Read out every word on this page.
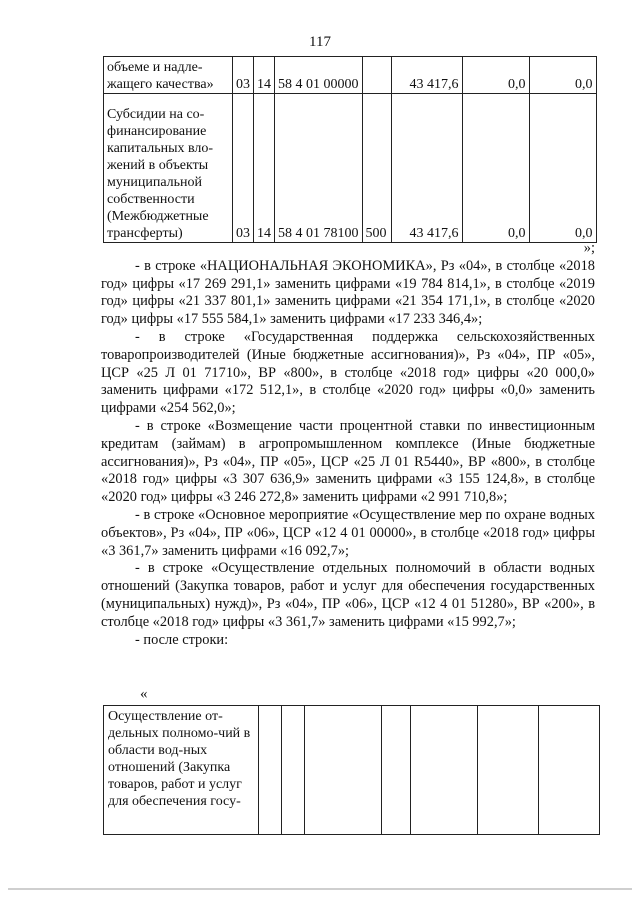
117
объеме и надле-жащего качества»	03	14	58 4 01 00000		43 417,6	0,0	0,0
Субсидии на со-финансирование капитальных вло-жений в объекты муниципальной собственности (Межбюджетные трансферты)	03	14	58 4 01 78100	500	43 417,6	0,0	0,0

»;

- в строке «НАЦИОНАЛЬНАЯ ЭКОНОМИКА», Рз «04», в столбце «2018 год» цифры «17 269 291,1» заменить цифрами «19 784 814,1», в столбце «2019 год» цифры «21 337 801,1» заменить цифрами «21 354 171,1», в столбце «2020 год» цифры «17 555 584,1» заменить цифрами «17 233 346,4»;

- в строке «Государственная поддержка сельскохозяйственных товаропроизводителей (Иные бюджетные ассигнования)», Рз «04», ПР «05», ЦСР «25 Л 01 71710», ВР «800», в столбце «2018 год» цифры «20 000,0» заменить цифрами «172 512,1», в столбце «2020 год» цифры «0,0» заменить цифрами «254 562,0»;

- в строке «Возмещение части процентной ставки по инвестиционным кредитам (займам) в агропромышленном комплексе (Иные бюджетные ассигнования)», Рз «04», ПР «05», ЦСР «25 Л 01 R5440», ВР «800», в столбце «2018 год» цифры «3 307 636,9» заменить цифрами «3 155 124,8», в столбце «2020 год» цифры «3 246 272,8» заменить цифрами «2 991 710,8»;

- в строке «Основное мероприятие «Осуществление мер по охране водных объектов», Рз «04», ПР «06», ЦСР «12 4 01 00000», в столбце «2018 год» цифры «3 361,7» заменить цифрами «16 092,7»;

- в строке «Осуществление отдельных полномочий в области водных отношений (Закупка товаров, работ и услуг для обеспечения государственных (муниципальных) нужд)», Рз «04», ПР «06», ЦСР «12 4 01 51280», ВР «200», в столбце «2018 год» цифры «3 361,7» заменить цифрами «15 992,7»;

- после строки:

«
Осуществление от-дельных полномо-чий в области вод-ных отношений (Закупка товаров, работ и услуг для обеспечения госу-							
